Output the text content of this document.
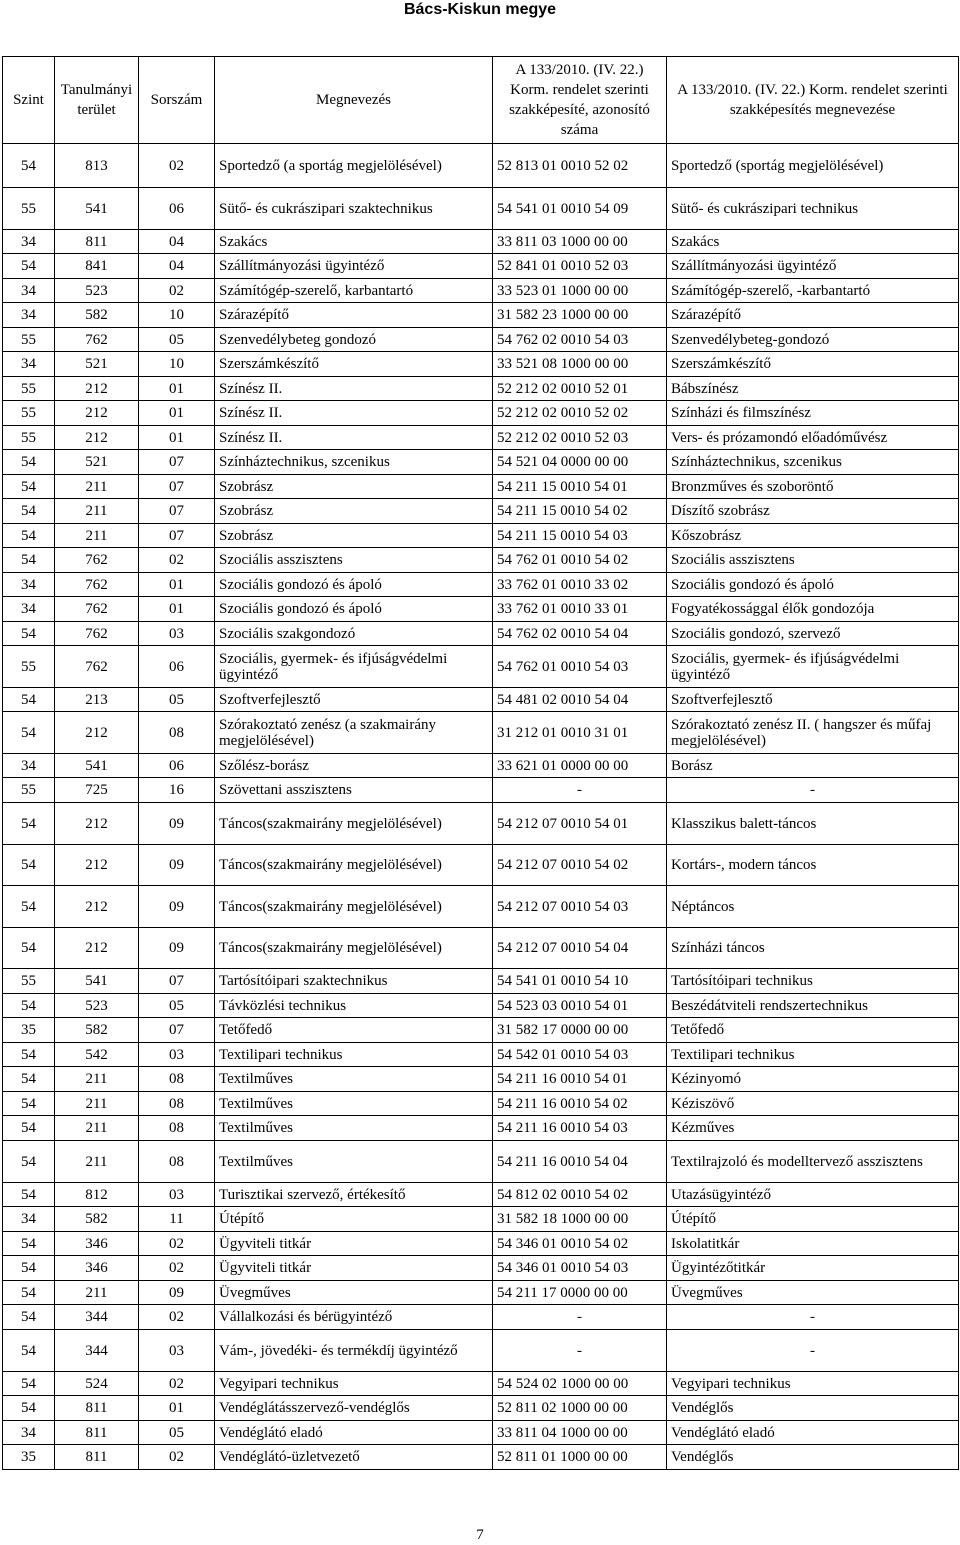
Bács-Kiskun megye
Szint	Tanulmányi terület	Sorszám	Megnevezés	A 133/2010. (IV. 22.) Korm. rendelet szerinti szakképesíté, azonosító száma	A 133/2010. (IV. 22.) Korm. rendelet szerinti szakképesítés megnevezése
54	813	02	Sportedző (a sportág megjelölésével)	52 813 01 0010 52 02	Sportedző (sportág megjelölésével)
55	541	06	Sütő- és cukrászipari szaktechnikus	54 541 01 0010 54 09	Sütő- és cukrászipari technikus
34	811	04	Szakács	33 811 03 1000 00 00	Szakács
54	841	04	Szállítmányozási ügyintéző	52 841 01 0010 52 03	Szállítmányozási ügyintéző
34	523	02	Számítógép-szerelő, karbantartó	33 523 01 1000 00 00	Számítógép-szerelő, -karbantartó
34	582	10	Szárazépítő	31 582 23 1000 00 00	Szárazépítő
55	762	05	Szenvedélybeteg gondozó	54 762 02 0010 54 03	Szenvedélybeteg-gondozó
34	521	10	Szerszámkészítő	33 521 08 1000 00 00	Szerszámkészítő
55	212	01	Színész II.	52 212 02 0010 52 01	Bábszínész
55	212	01	Színész II.	52 212 02 0010 52 02	Színházi és filmszínész
55	212	01	Színész II.	52 212 02 0010 52 03	Vers- és prózamondó előadóművész
54	521	07	Színháztechnikus, szcenikus	54 521 04 0000 00 00	Színháztechnikus, szcenikus
54	211	07	Szobrász	54 211 15 0010 54 01	Bronzműves és szoboröntő
54	211	07	Szobrász	54 211 15 0010 54 02	Díszítő szobrász
54	211	07	Szobrász	54 211 15 0010 54 03	Kőszobrász
54	762	02	Szociális asszisztens	54 762 01 0010 54 02	Szociális asszisztens
34	762	01	Szociális gondozó és ápoló	33 762 01 0010 33 02	Szociális gondozó és ápoló
34	762	01	Szociális gondozó és ápoló	33 762 01 0010 33 01	Fogyatékossággal élők gondozója
54	762	03	Szociális szakgondozó	54 762 02 0010 54 04	Szociális gondozó, szervező
55	762	06	Szociális, gyermek- és ifjúságvédelmi ügyintéző	54 762 01 0010 54 03	Szociális, gyermek- és ifjúságvédelmi ügyintéző
54	213	05	Szoftverfejlesztő	54 481 02 0010 54 04	Szoftverfejlesztő
54	212	08	Szórakoztató zenész (a szakmairány megjelölésével)	31 212 01 0010 31 01	Szórakoztató zenész II. ( hangszer és műfaj megjelölésével)
34	541	06	Szőlész-borász	33 621 01 0000 00 00	Borász
55	725	16	Szövettani asszisztens	-	-
54	212	09	Táncos(szakmairány megjelölésével)	54 212 07 0010 54 01	Klasszikus balett-táncos
54	212	09	Táncos(szakmairány megjelölésével)	54 212 07 0010 54 02	Kortárs-, modern táncos
54	212	09	Táncos(szakmairány megjelölésével)	54 212 07 0010 54 03	Néptáncos
54	212	09	Táncos(szakmairány megjelölésével)	54 212 07 0010 54 04	Színházi táncos
55	541	07	Tartósítóipari szaktechnikus	54 541 01 0010 54 10	Tartósítóipari technikus
54	523	05	Távközlési technikus	54 523 03 0010 54 01	Beszédátviteli rendszertechnikus
35	582	07	Tetőfedő	31 582 17 0000 00 00	Tetőfedő
54	542	03	Textilipari technikus	54 542 01 0010 54 03	Textilipari technikus
54	211	08	Textilműves	54 211 16 0010 54 01	Kézinyomó
54	211	08	Textilműves	54 211 16 0010 54 02	Kéziszövő
54	211	08	Textilműves	54 211 16 0010 54 03	Kézműves
54	211	08	Textilműves	54 211 16 0010 54 04	Textilrajzoló és modelltervező asszisztens
54	812	03	Turisztikai szervező, értékesítő	54 812 02 0010 54 02	Utazásügyintéző
34	582	11	Útépítő	31 582 18 1000 00 00	Útépítő
54	346	02	Ügyviteli titkár	54 346 01 0010 54 02	Iskolatitkár
54	346	02	Ügyviteli titkár	54 346 01 0010 54 03	Ügyintézőtitkár
54	211	09	Üvegműves	54 211 17 0000 00 00	Üvegműves
54	344	02	Vállalkozási és bérügyintéző	-	-
54	344	03	Vám-, jövedéki- és termékdíj ügyintéző	-	-
54	524	02	Vegyipari technikus	54 524 02 1000 00 00	Vegyipari technikus
54	811	01	Vendéglátásszervező-vendéglős	52 811 02 1000 00 00	Vendéglős
34	811	05	Vendéglátó eladó	33 811 04 1000 00 00	Vendéglátó eladó
35	811	02	Vendéglátó-üzletvezető	52 811 01 1000 00 00	Vendéglős
7
